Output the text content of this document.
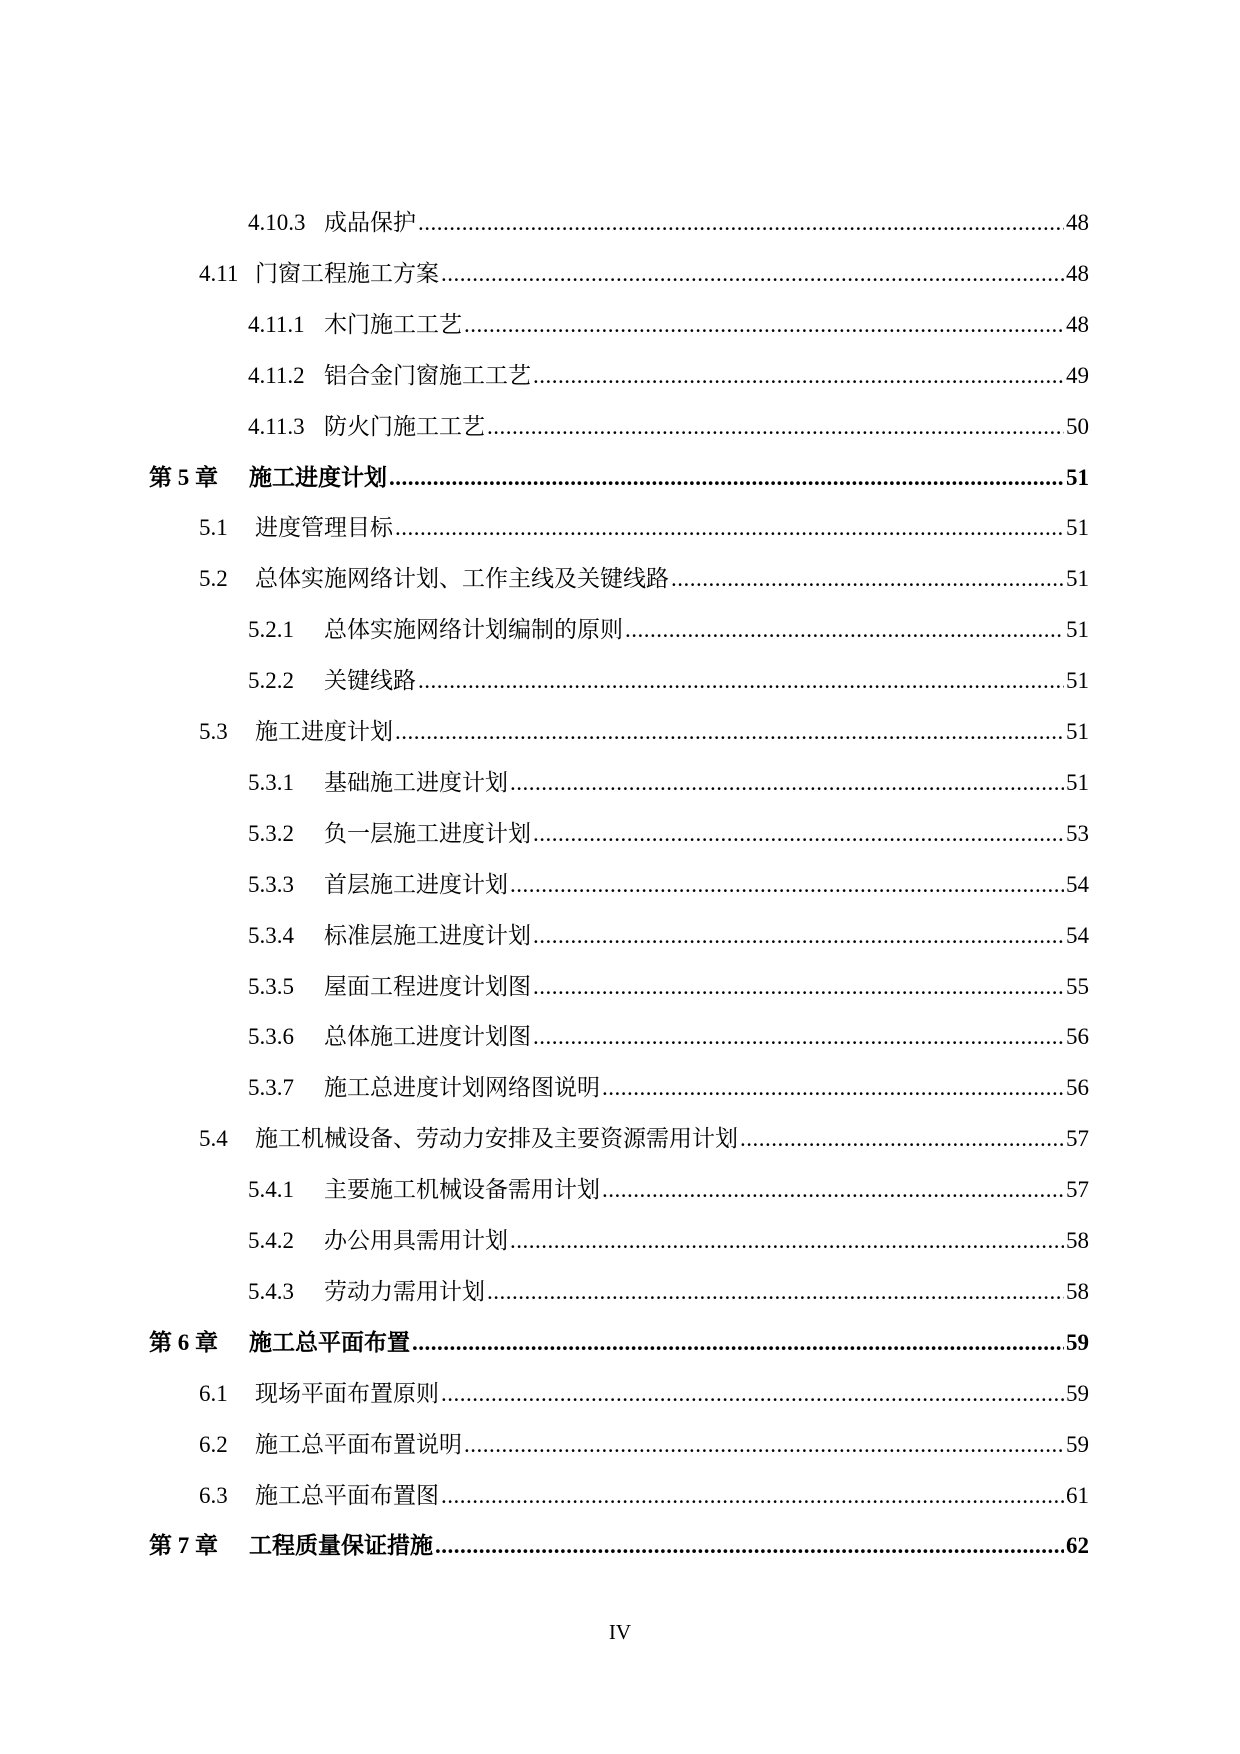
4.10.3 成品保护 .....	48
4.11 门窗工程施工方案 .....	48
4.11.1 木门施工工艺 .....	48
4.11.2 铝合金门窗施工工艺 .....	49
4.11.3 防火门施工工艺 .....	50
第 5 章	施工进度计划 .....	51
5.1	进度管理目标 .....	51
5.2	总体实施网络计划、工作主线及关键线路 .....	51
5.2.1	总体实施网络计划编制的原则 .....	51
5.2.2	关键线路 .....	51
5.3	施工进度计划 .....	51
5.3.1	基础施工进度计划 .....	51
5.3.2	负一层施工进度计划 .....	53
5.3.3	首层施工进度计划 .....	54
5.3.4	标准层施工进度计划 .....	54
5.3.5	屋面工程进度计划图 .....	55
5.3.6	总体施工进度计划图 .....	56
5.3.7	施工总进度计划网络图说明 .....	56
5.4	施工机械设备、劳动力安排及主要资源需用计划 .....	57
5.4.1	主要施工机械设备需用计划 .....	57
5.4.2	办公用具需用计划 .....	58
5.4.3	劳动力需用计划 .....	58
第 6 章	施工总平面布置 .....	59
6.1	现场平面布置原则 .....	59
6.2	施工总平面布置说明 .....	59
6.3	施工总平面布置图 .....	61
第 7 章	工程质量保证措施 .....	62
IV
